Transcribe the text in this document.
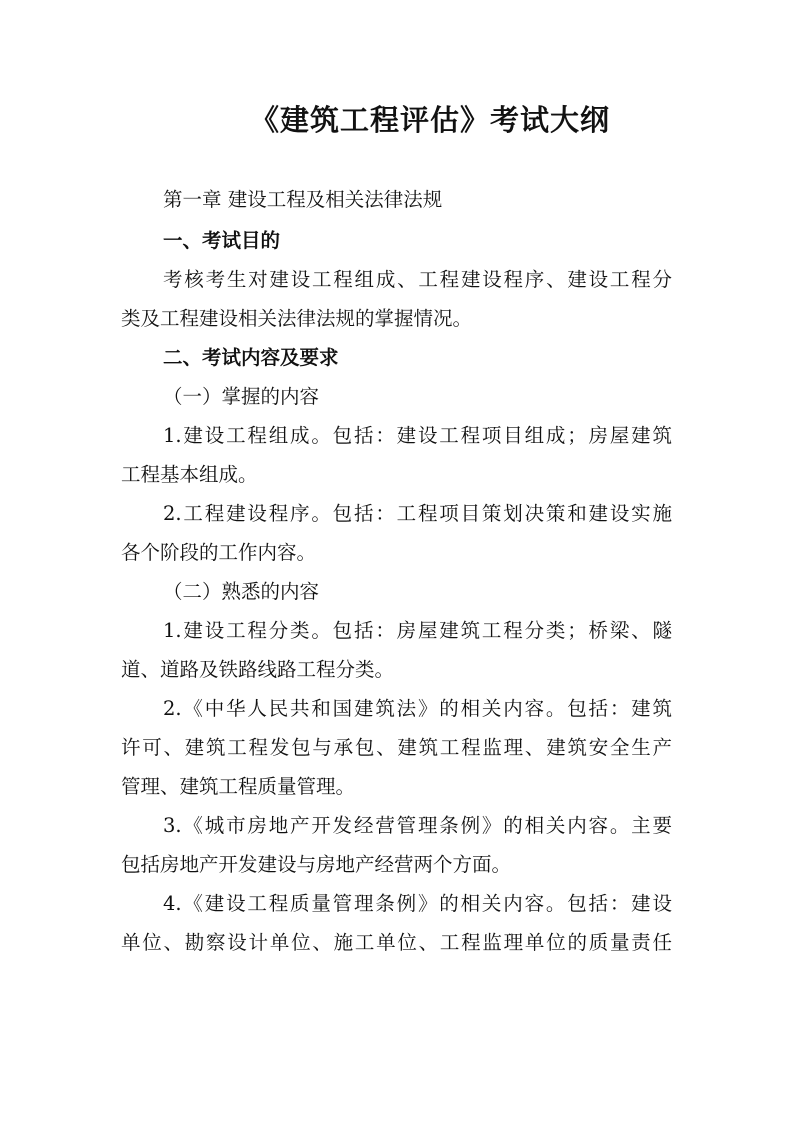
《建筑工程评估》考试大纲
第一章 建设工程及相关法律法规
一、考试目的
考核考生对建设工程组成、工程建设程序、建设工程分
类及工程建设相关法律法规的掌握情况。
二、考试内容及要求
（一）掌握的内容
1.建设工程组成。包括：建设工程项目组成；房屋建筑
工程基本组成。
2.工程建设程序。包括：工程项目策划决策和建设实施
各个阶段的工作内容。
（二）熟悉的内容
1.建设工程分类。包括：房屋建筑工程分类；桥梁、隧
道、道路及铁路线路工程分类。
2.《中华人民共和国建筑法》的相关内容。包括：建筑
许可、建筑工程发包与承包、建筑工程监理、建筑安全生产
管理、建筑工程质量管理。
3.《城市房地产开发经营管理条例》的相关内容。主要
包括房地产开发建设与房地产经营两个方面。
4.《建设工程质量管理条例》的相关内容。包括：建设
单位、勘察设计单位、施工单位、工程监理单位的质量责任
